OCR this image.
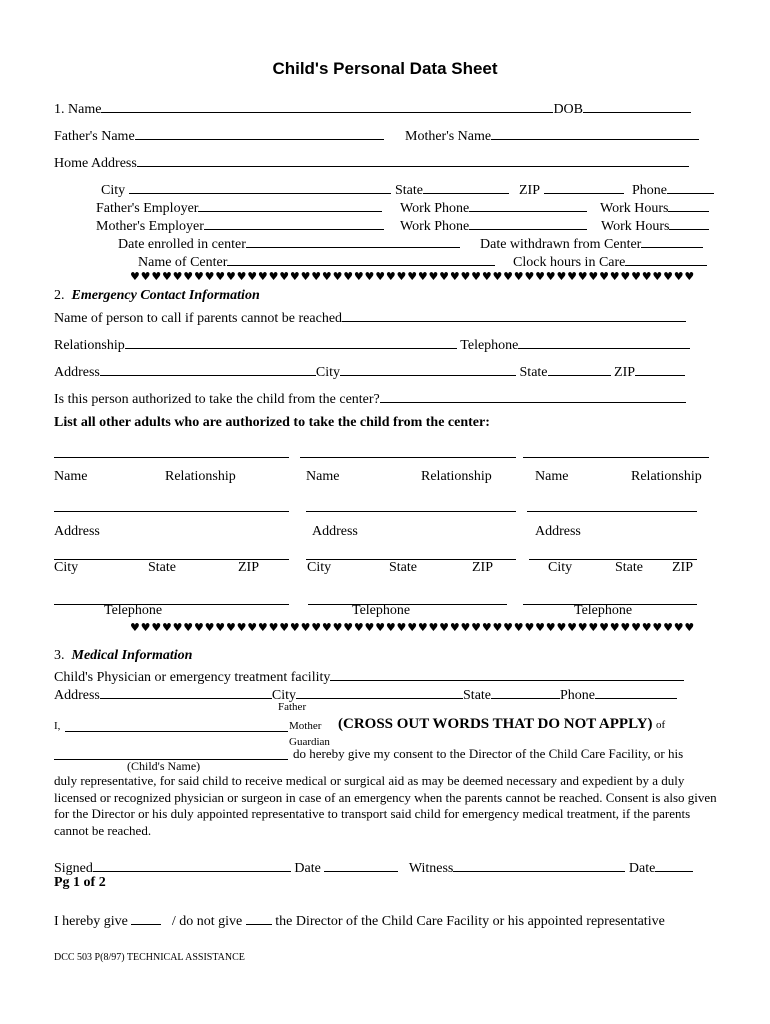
Child's Personal Data Sheet
1. Name	DOB
Father's Name	Mother's Name
Home Address
City	State	ZIP	Phone
Father's Employer	Work Phone	Work Hours
Mother's Employer	Work Phone	Work Hours
Date enrolled in center	Date withdrawn from Center
Name of Center	Clock hours in Care
♥♥♥♥♥♥♥♥♥♥♥♥♥♥♥♥♥♥♥♥♥♥♥♥♥♥♥♥♥♥♥♥♥♥♥♥♥♥♥♥♥♥♥♥♥♥♥♥♥♥♥♥♥
2. Emergency Contact Information
Name of person to call if parents cannot be reached
Relationship	Telephone
Address	City	State	ZIP
Is this person authorized to take the child from the center?
List all other adults who are authorized to take the child from the center:
Name	Relationship	Name	Relationship	Name	Relationship
Address	Address	Address
City	State	ZIP	City	State	ZIP	City	State ZIP
Telephone	Telephone	Telephone
♥♥♥♥♥♥♥♥♥♥♥♥♥♥♥♥♥♥♥♥♥♥♥♥♥♥♥♥♥♥♥♥♥♥♥♥♥♥♥♥♥♥♥♥♥♥♥♥♥♥♥♥♥
3. Medical Information
Child's Physician or emergency treatment facility
Address	City	State	Phone
Father
I,	Mother (CROSS OUT WORDS THAT DO NOT APPLY) of
Guardian
do hereby give my consent to the Director of the Child Care Facility, or his
(Child's Name)
duly representative, for said child to receive medical or surgical aid as may be deemed necessary and expedient by a duly licensed or recognized physician or surgeon in case of an emergency when the parents cannot be reached. Consent is also given for the Director or his duly appointed representative to transport said child for emergency medical treatment, if the parents cannot be reached.
Signed	Date	Witness	Date
Pg 1 of 2
I hereby give	/ do not give the Director of the Child Care Facility or his appointed representative
DCC 503 P(8/97) TECHNICAL ASSISTANCE
